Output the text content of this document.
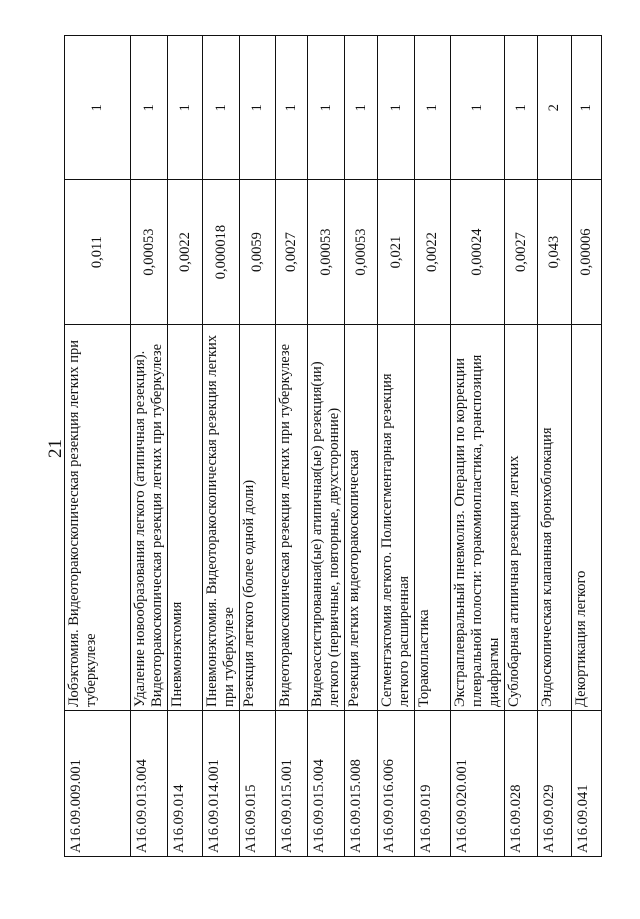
21
A16.09.009.001	Лобэктомия. Видеоторакоскопическая резекция легких при туберкулезе	0,011	1
A16.09.013.004	Удаление новообразования легкого (атипичная резекция). Видеоторакоскопическая резекция легких при туберкулезе	0,00053	1
A16.09.014	Пневмонэктомия	0,0022	1
A16.09.014.001	Пневмонэктомия. Видеоторакоскопическая резекция легких при туберкулезе	0,000018	1
A16.09.015	Резекция легкого (более одной доли)	0,0059	1
A16.09.015.001	Видеоторакоскопическая резекция легких при туберкулезе	0,0027	1
A16.09.015.004	Видеоассистированная(ые) атипичная(ые) резекция(ии) легкого (первичные, повторные, двухсторонние)	0,00053	1
A16.09.015.008	Резекция легких видеоторакоскопическая	0,00053	1
A16.09.016.006	Сегментэктомия легкого. Полисегментарная резекция легкого расширенная	0,021	1
A16.09.019	Торакопластика	0,0022	1
A16.09.020.001	Экстраплевральный пневмолиз. Операции по коррекции плевральной полости: торакомиопластика, транспозиция диафрагмы	0,00024	1
A16.09.028	Сублобарная атипичная резекция легких	0,0027	1
A16.09.029	Эндоскопическая клапанная бронхоблокация	0,043	2
A16.09.041	Декортикация легкого	0,00006	1
